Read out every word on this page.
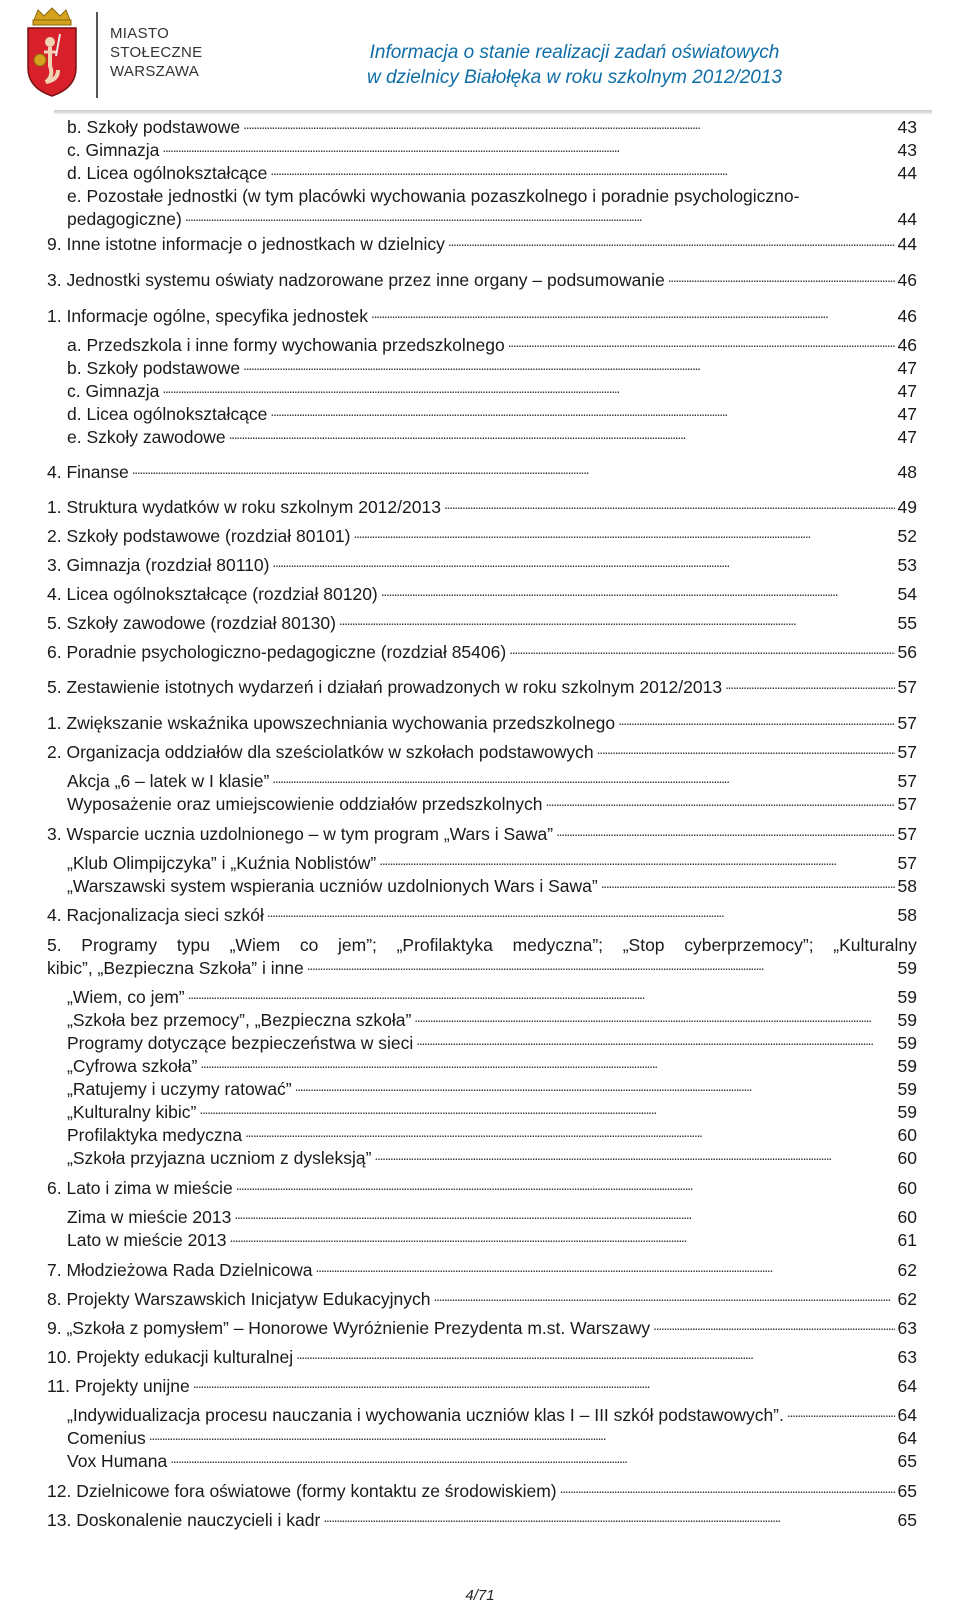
MIASTO
STOŁECZNE
WARSZAWA
Informacja o stanie realizacji zadań oświatowych
w dzielnicy Białołęka w roku szkolnym 2012/2013
b. Szkoły podstawowe . . .	43
c. Gimnazja . . .	43
d. Licea ogólnokształcące . . .	44
e. Pozostałe jednostki (w tym placówki wychowania pozaszkolnego i poradnie psychologiczno-
pedagogiczne) . . .	44
9. Inne istotne informacje o jednostkach w dzielnicy . . .	44
3. Jednostki systemu oświaty nadzorowane przez inne organy – podsumowanie . . .	46
1. Informacje ogólne, specyfika jednostek . . .	46
a. Przedszkola i inne formy wychowania przedszkolnego . . .	46
b. Szkoły podstawowe . . .	47
c. Gimnazja . . .	47
d. Licea ogólnokształcące . . .	47
e. Szkoły zawodowe . . .	47
4. Finanse . . .	48
1. Struktura wydatków w roku szkolnym 2012/2013 . . .	49
2. Szkoły podstawowe (rozdział 80101) . . .	52
3. Gimnazja (rozdział 80110) . . .	53
4. Licea ogólnokształcące (rozdział 80120) . . .	54
5. Szkoły zawodowe (rozdział 80130) . . .	55
6. Poradnie psychologiczno-pedagogiczne (rozdział 85406) . . .	56
5. Zestawienie istotnych wydarzeń i działań prowadzonych w roku szkolnym 2012/2013 . . .	57
1. Zwiększanie wskaźnika upowszechniania wychowania przedszkolnego . . .	57
2. Organizacja oddziałów dla sześciolatków w szkołach podstawowych . . .	57
Akcja „6 – latek w I klasie” . . .	57
Wyposażenie oraz umiejscowienie oddziałów przedszkolnych . . .	57
3. Wsparcie ucznia uzdolnionego – w tym program „Wars i Sawa” . . .	57
„Klub Olimpijczyka” i „Kuźnia Noblistów” . . .	57
„Warszawski system wspierania uczniów uzdolnionych Wars i Sawa” . . .	58
4. Racjonalizacja sieci szkół . . .	58
5. Programy typu „Wiem co jem”; „Profilaktyka medyczna”; „Stop cyberprzemocy”; „Kulturalny
kibic”, „Bezpieczna Szkoła” i inne . . .	59
„Wiem, co jem” . . .	59
„Szkoła bez przemocy”, „Bezpieczna szkoła” . . .	59
Programy dotyczące bezpieczeństwa w sieci . . .	59
„Cyfrowa szkoła” . . .	59
„Ratujemy i uczymy ratować” . . .	59
„Kulturalny kibic” . . .	59
Profilaktyka medyczna . . .	60
„Szkoła przyjazna uczniom z dysleksją” . . .	60
6. Lato i zima w mieście . . .	60
Zima w mieście 2013 . . .	60
Lato w mieście 2013 . . .	61
7. Młodzieżowa Rada Dzielnicowa . . .	62
8. Projekty Warszawskich Inicjatyw Edukacyjnych . . .	62
9. „Szkoła z pomysłem” – Honorowe Wyróżnienie Prezydenta m.st. Warszawy . . .	63
10. Projekty edukacji kulturalnej . . .	63
11. Projekty unijne . . .	64
„Indywidualizacja procesu nauczania i wychowania uczniów klas I – III szkół podstawowych”. . . .	64
Comenius . . .	64
Vox Humana . . .	65
12. Dzielnicowe fora oświatowe (formy kontaktu ze środowiskiem) . . .	65
13. Doskonalenie nauczycieli i kadr . . .	65
4/71
